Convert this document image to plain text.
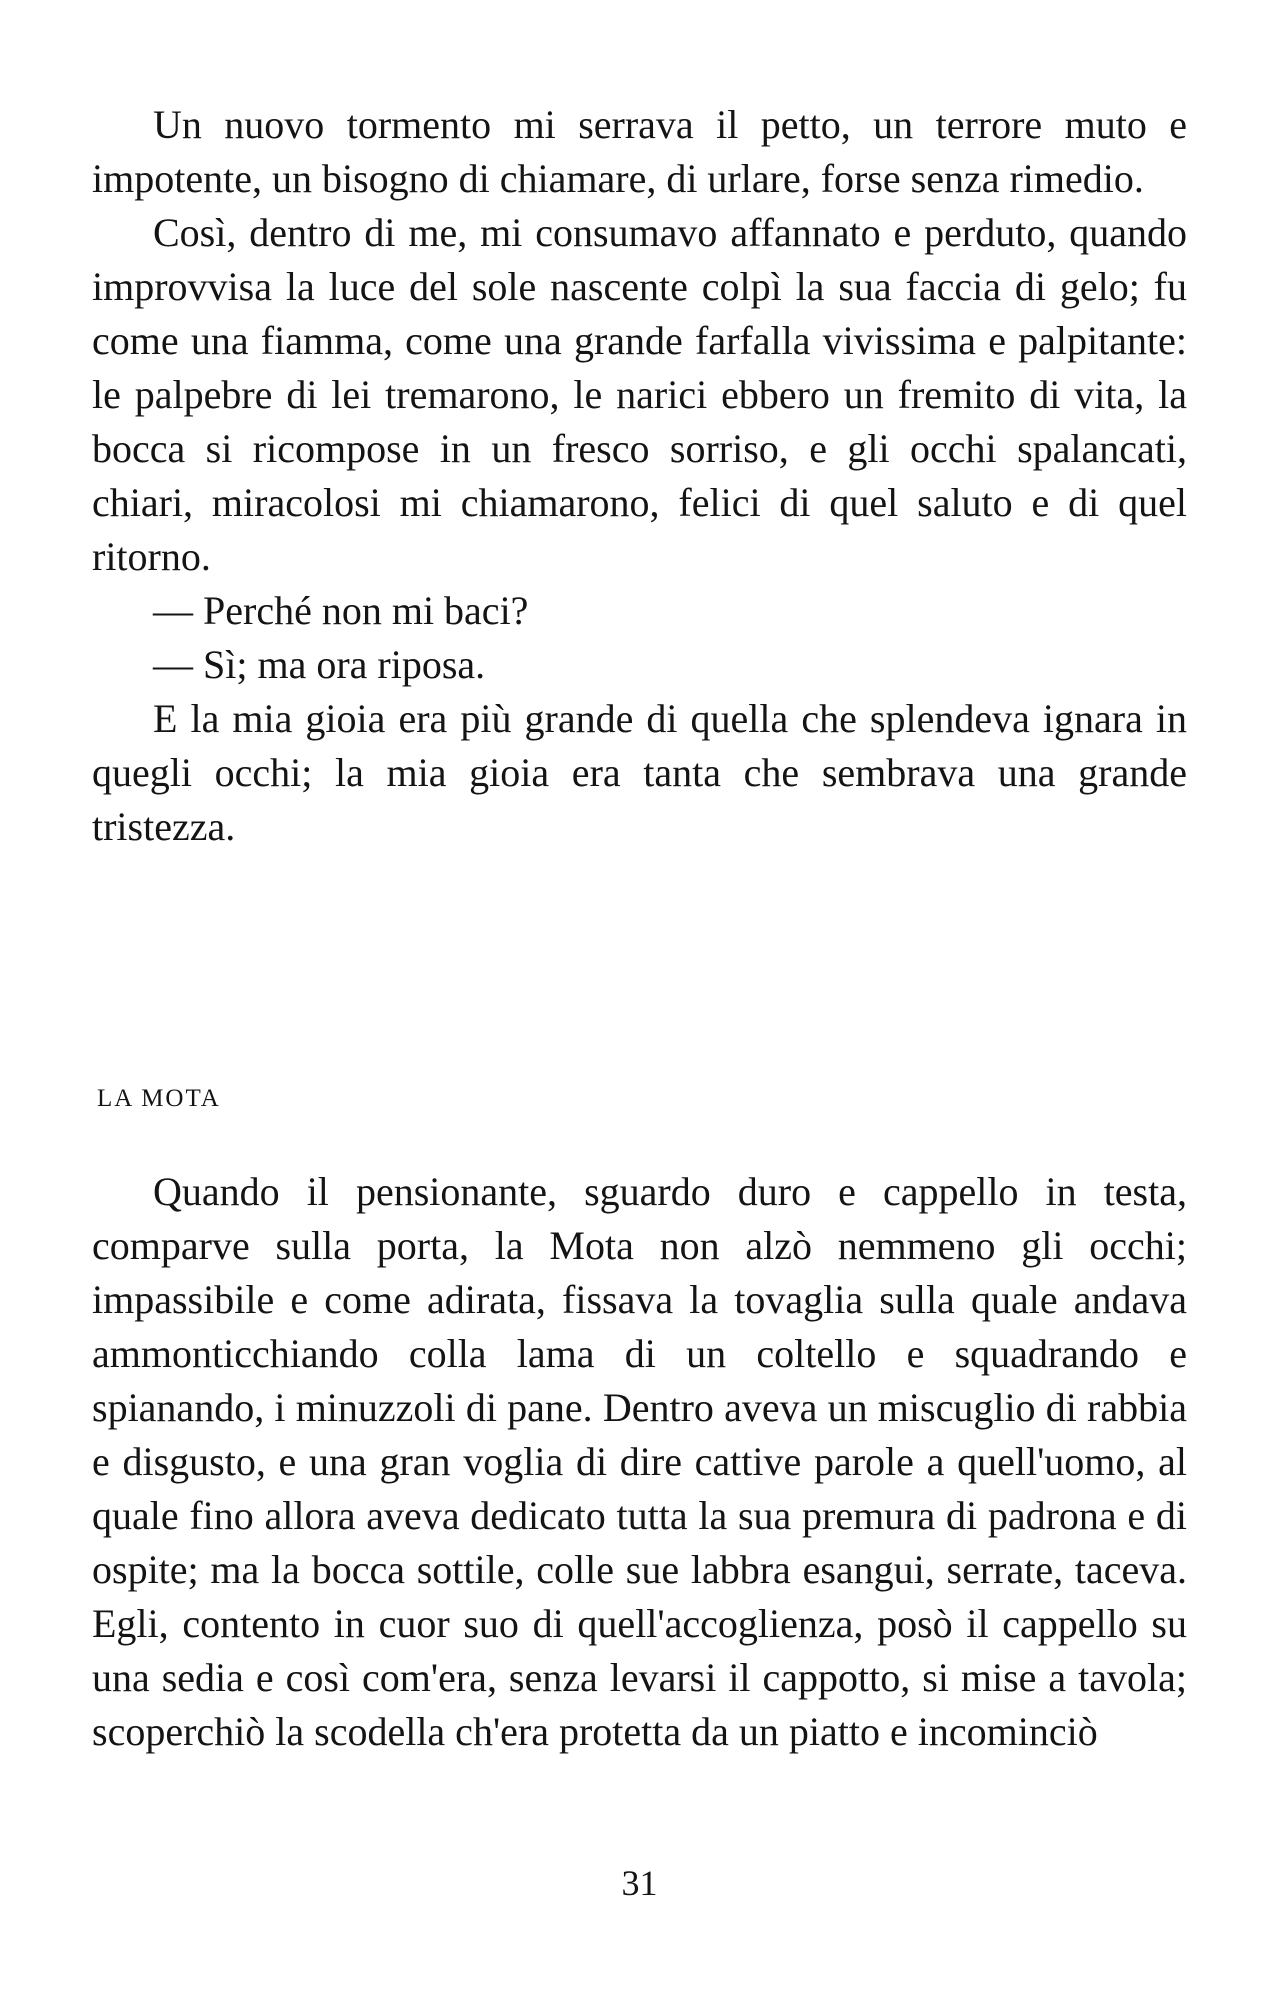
Un nuovo tormento mi serrava il petto, un terrore muto e impotente, un bisogno di chiamare, di urlare, forse senza rimedio.

Così, dentro di me, mi consumavo affannato e perduto, quando improvvisa la luce del sole nascente colpì la sua faccia di gelo; fu come una fiamma, come una grande farfalla vivissima e palpitante: le palpebre di lei tremarono, le narici ebbero un fremito di vita, la bocca si ricompose in un fresco sorriso, e gli occhi spalancati, chiari, miracolosi mi chiamarono, felici di quel saluto e di quel ritorno.

— Perché non mi baci?

— Sì; ma ora riposa.

E la mia gioia era più grande di quella che splendeva ignara in quegli occhi; la mia gioia era tanta che sembrava una grande tristezza.

LA MOTA

Quando il pensionante, sguardo duro e cappello in testa, comparve sulla porta, la Mota non alzò nemmeno gli occhi; impassibile e come adirata, fissava la tovaglia sulla quale andava ammonticchiando colla lama di un coltello e squadrando e spianando, i minuzzoli di pane. Dentro aveva un miscuglio di rabbia e disgusto, e una gran voglia di dire cattive parole a quell'uomo, al quale fino allora aveva dedicato tutta la sua premura di padrona e di ospite; ma la bocca sottile, colle sue labbra esangui, serrate, taceva. Egli, contento in cuor suo di quell'accoglienza, posò il cappello su una sedia e così com'era, senza levarsi il cappotto, si mise a tavola; scoperchiò la scodella ch'era protetta da un piatto e incominciò

31
